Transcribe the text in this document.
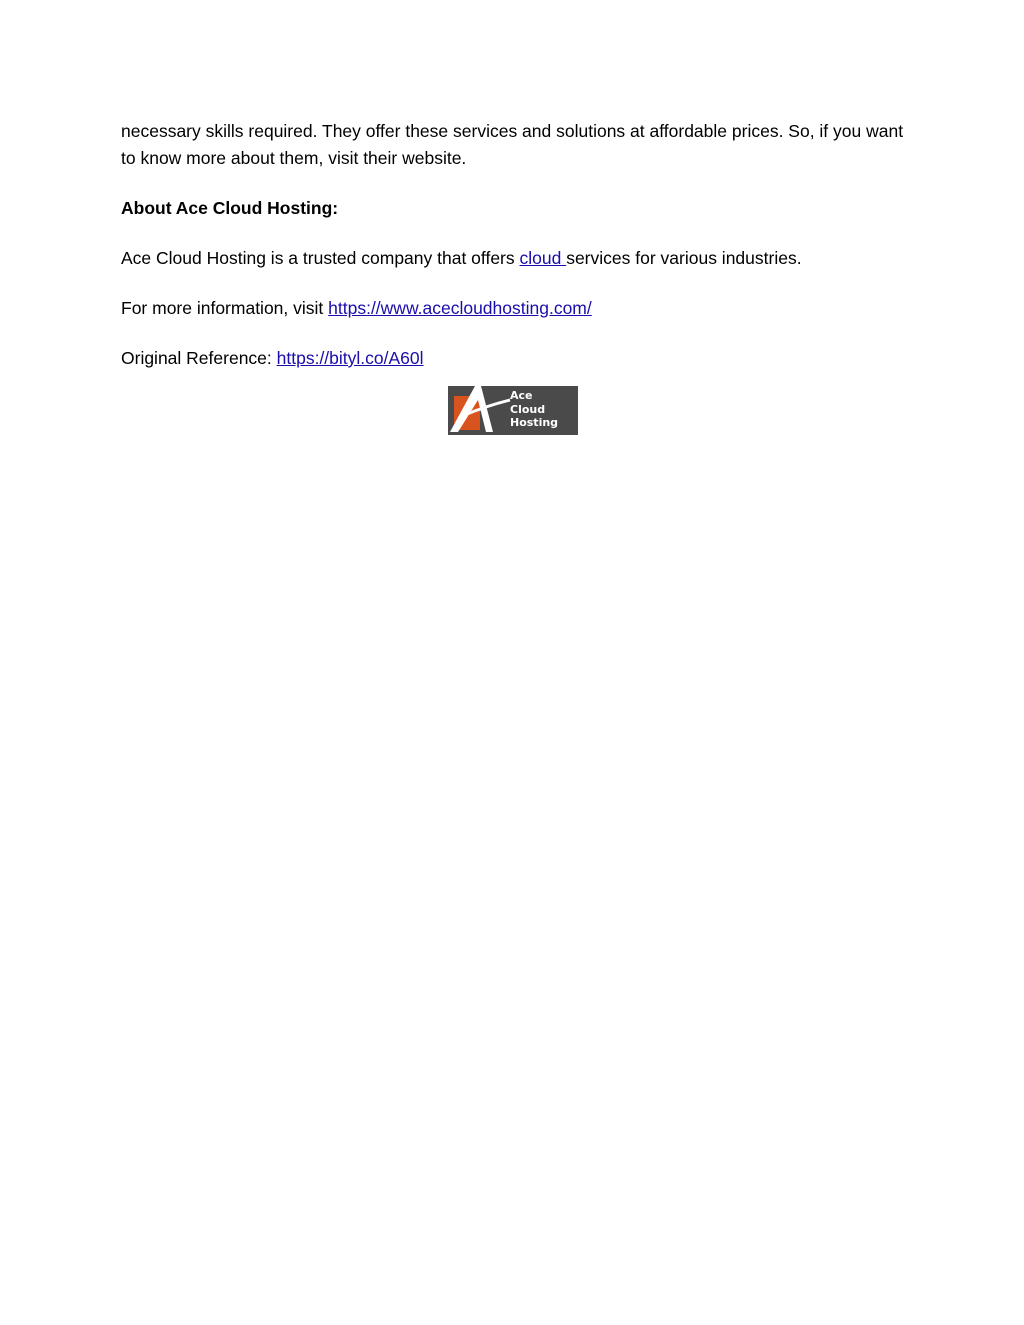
necessary skills required. They offer these services and solutions at affordable prices. So, if you want to know more about them, visit their website.

About Ace Cloud Hosting:

Ace Cloud Hosting is a trusted company that offers cloud services for various industries.

For more information, visit https://www.acecloudhosting.com/

Original Reference: https://bityl.co/A60l

Ace
Cloud
Hosting
